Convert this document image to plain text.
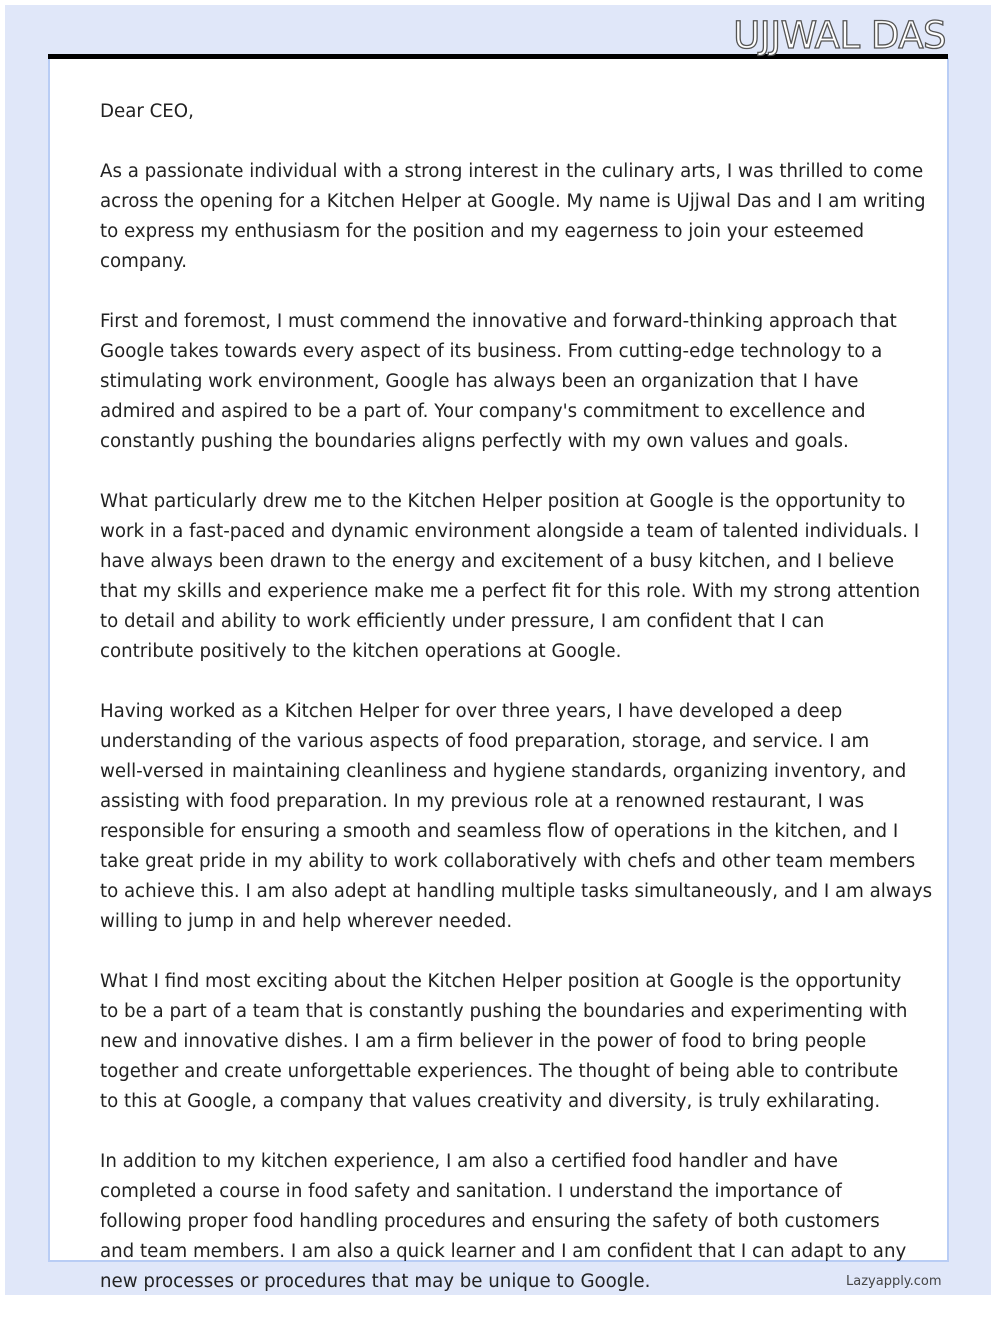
UJJWAL DAS

Dear CEO,

As a passionate individual with a strong interest in the culinary arts, I was thrilled to come
across the opening for a Kitchen Helper at Google. My name is Ujjwal Das and I am writing
to express my enthusiasm for the position and my eagerness to join your esteemed
company.

First and foremost, I must commend the innovative and forward-thinking approach that
Google takes towards every aspect of its business. From cutting-edge technology to a
stimulating work environment, Google has always been an organization that I have
admired and aspired to be a part of. Your company's commitment to excellence and
constantly pushing the boundaries aligns perfectly with my own values and goals.

What particularly drew me to the Kitchen Helper position at Google is the opportunity to
work in a fast-paced and dynamic environment alongside a team of talented individuals. I
have always been drawn to the energy and excitement of a busy kitchen, and I believe
that my skills and experience make me a perfect fit for this role. With my strong attention
to detail and ability to work efficiently under pressure, I am confident that I can
contribute positively to the kitchen operations at Google.

Having worked as a Kitchen Helper for over three years, I have developed a deep
understanding of the various aspects of food preparation, storage, and service. I am
well-versed in maintaining cleanliness and hygiene standards, organizing inventory, and
assisting with food preparation. In my previous role at a renowned restaurant, I was
responsible for ensuring a smooth and seamless flow of operations in the kitchen, and I
take great pride in my ability to work collaboratively with chefs and other team members
to achieve this. I am also adept at handling multiple tasks simultaneously, and I am always
willing to jump in and help wherever needed.

What I find most exciting about the Kitchen Helper position at Google is the opportunity
to be a part of a team that is constantly pushing the boundaries and experimenting with
new and innovative dishes. I am a firm believer in the power of food to bring people
together and create unforgettable experiences. The thought of being able to contribute
to this at Google, a company that values creativity and diversity, is truly exhilarating.

In addition to my kitchen experience, I am also a certified food handler and have
completed a course in food safety and sanitation. I understand the importance of
following proper food handling procedures and ensuring the safety of both customers
and team members. I am also a quick learner and I am confident that I can adapt to any
new processes or procedures that may be unique to Google.	Lazyapply.com
